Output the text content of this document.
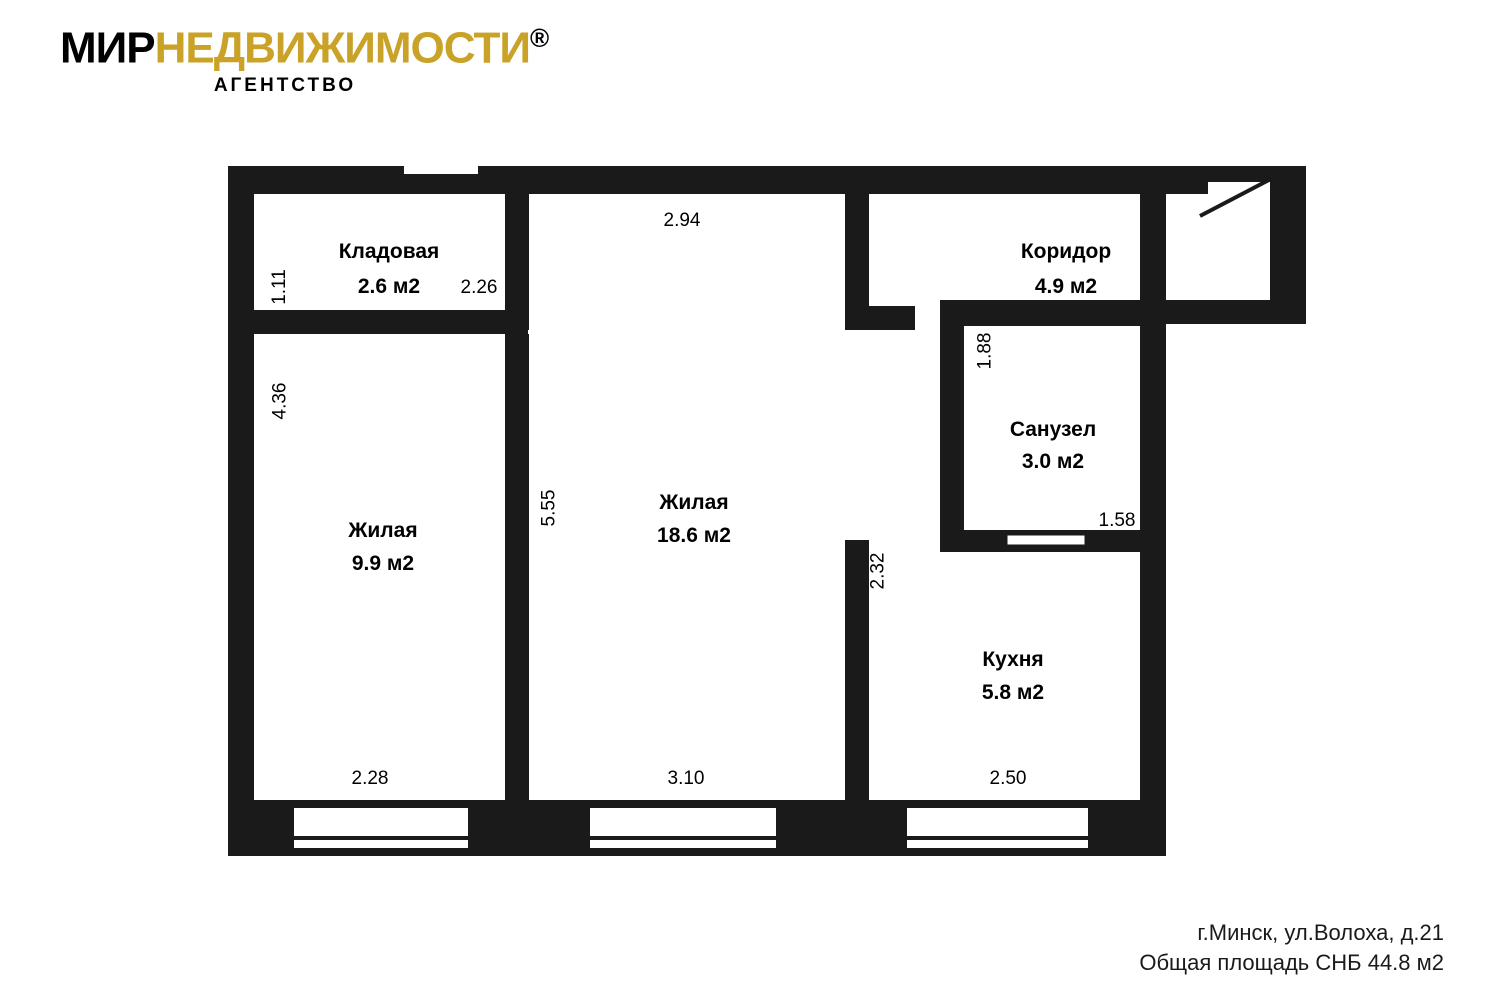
МИРНЕДВИЖИМОСТИ®
АГЕНТСТВО
Кладовая
2.6 м2
Коридор
4.9 м2
Санузел
3.0 м2
Жилая
9.9 м2
Жилая
18.6 м2
Кухня
5.8 м2
2.94
2.26
1.58
2.28	3.10	2.50
1.11
4.36
5.55
1.88
2.32
г.Минск, ул.Волоха, д.21
Общая площадь СНБ 44.8 м2
